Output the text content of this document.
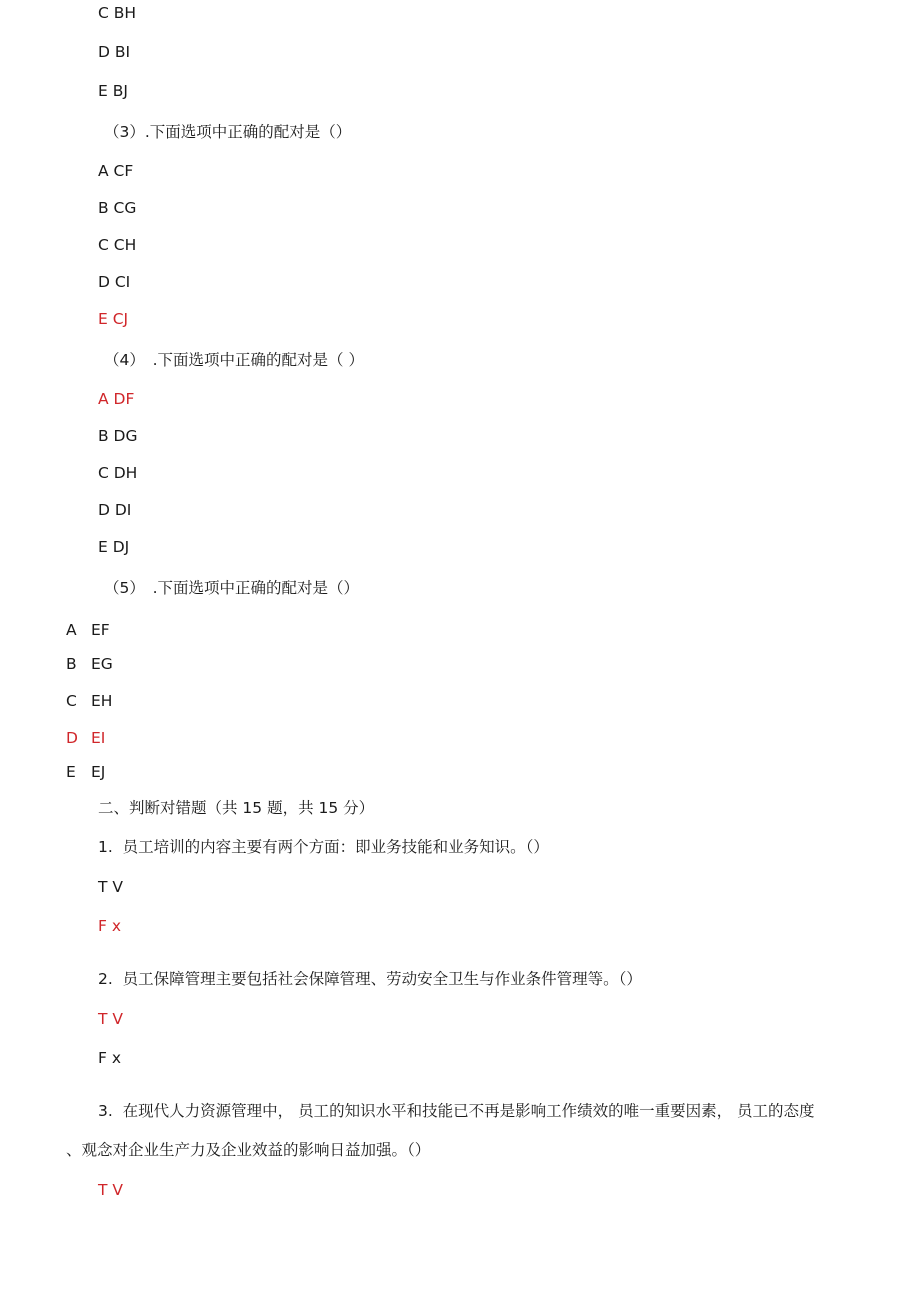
C BH
D BI
E BJ
（3）.下面选项中正确的配对是（）
A CF
B CG
C CH
D CI
E CJ
（4）　.下面选项中正确的配对是（ ）
A DF
B DG
C DH
D DI
E DJ
（5）　.下面选项中正确的配对是（）
A EF
B EG
C EH
D EI
E EJ
二、判断对错题（共 15 题，共 15 分）
1.  员工培训的内容主要有两个方面：即业务技能和业务知识。（）
T V
F x
2.  员工保障管理主要包括社会保障管理、劳动安全卫生与作业条件管理等。（）
T V
F x
3.  在现代人力资源管理中， 员工的知识水平和技能已不再是影响工作绩效的唯一重要因素， 员工的态度
、观念对企业生产力及企业效益的影响日益加强。（）
T V
